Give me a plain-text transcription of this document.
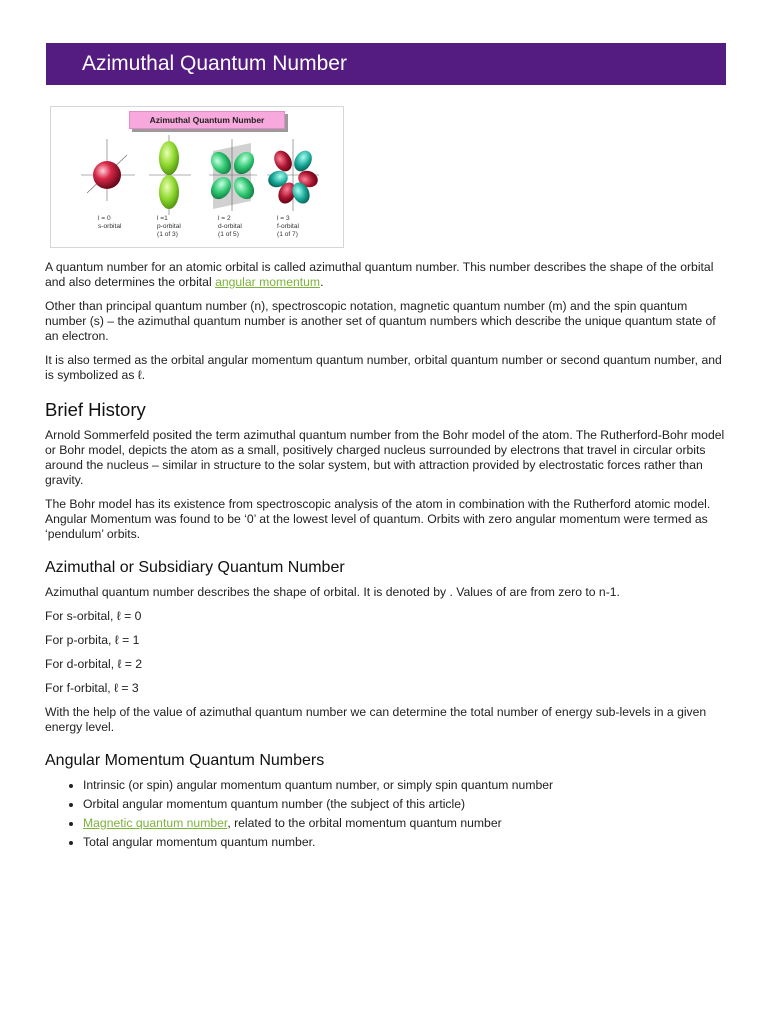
Azimuthal Quantum Number
Azimuthal Quantum Number
l = 0
s-orbital
l =1
p-orbital
(1 of 3)
l = 2
d-orbital
(1 of 5)
l = 3
f-orbital
(1 of 7)

A quantum number for an atomic orbital is called azimuthal quantum number. This number describes the shape of the orbital and also determines the orbital angular momentum.

Other than principal quantum number (n), spectroscopic notation, magnetic quantum number (m) and the spin quantum number (s) – the azimuthal quantum number is another set of quantum numbers which describe the unique quantum state of an electron.

It is also termed as the orbital angular momentum quantum number, orbital quantum number or second quantum number, and is symbolized as ℓ.

Brief History

Arnold Sommerfeld posited the term azimuthal quantum number from the Bohr model of the atom. The Rutherford-Bohr model or Bohr model, depicts the atom as a small, positively charged nucleus surrounded by electrons that travel in circular orbits around the nucleus – similar in structure to the solar system, but with attraction provided by electrostatic forces rather than gravity.

The Bohr model has its existence from spectroscopic analysis of the atom in combination with the Rutherford atomic model. Angular Momentum was found to be ‘0’ at the lowest level of quantum. Orbits with zero angular momentum were termed as ‘pendulum’ orbits.

Azimuthal or Subsidiary Quantum Number

Azimuthal quantum number describes the shape of orbital. It is denoted by . Values of are from zero to n-1.

For s-orbital, ℓ = 0

For p-orbita, ℓ = 1

For d-orbital, ℓ = 2

For f-orbital, ℓ = 3

With the help of the value of azimuthal quantum number we can determine the total number of energy sub-levels in a given energy level.

Angular Momentum Quantum Numbers
• Intrinsic (or spin) angular momentum quantum number, or simply spin quantum number
• Orbital angular momentum quantum number (the subject of this article)
• Magnetic quantum number, related to the orbital momentum quantum number
• Total angular momentum quantum number.
